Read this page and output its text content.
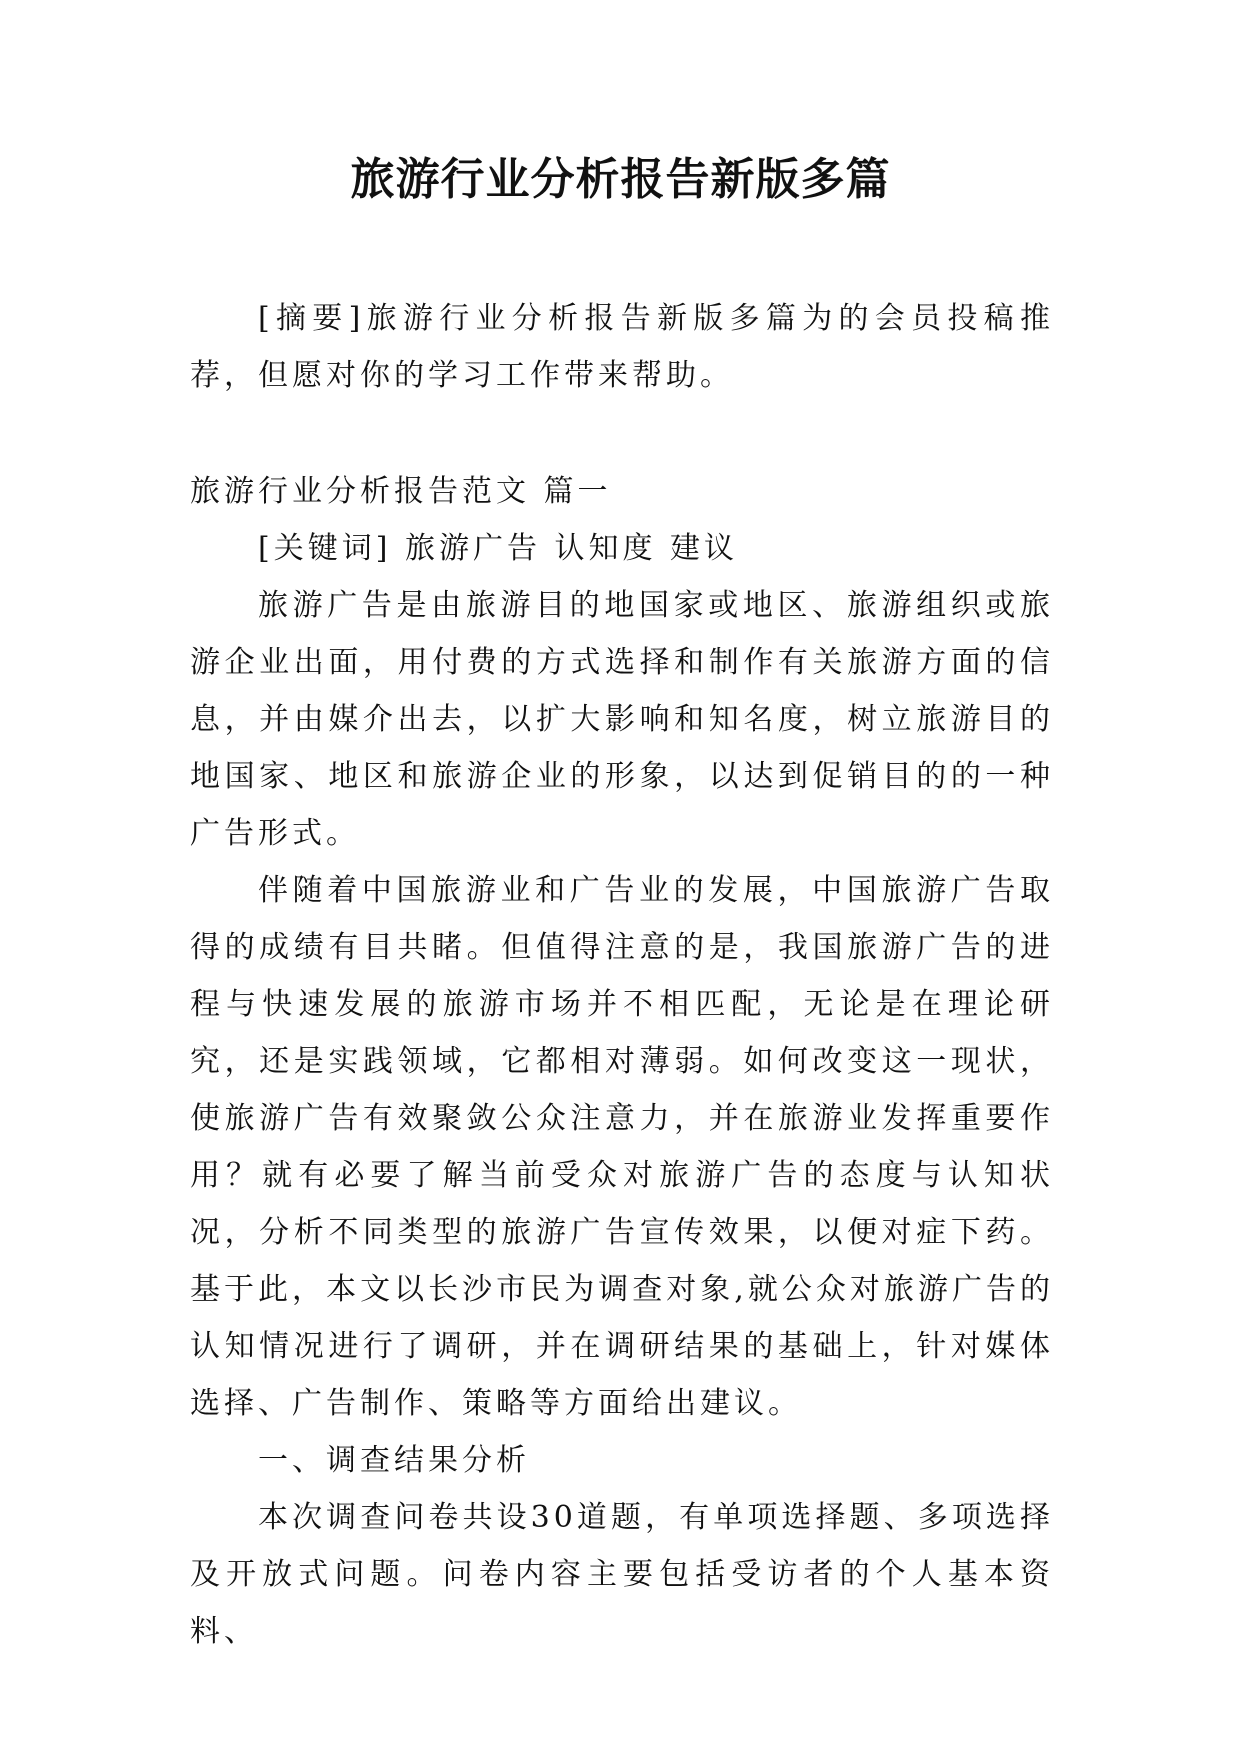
旅游行业分析报告新版多篇

[摘要]旅游行业分析报告新版多篇为的会员投稿推荐，但愿对你的学习工作带来帮助。

旅游行业分析报告范文 篇一

[关键词] 旅游广告 认知度 建议

旅游广告是由旅游目的地国家或地区、旅游组织或旅游企业出面，用付费的方式选择和制作有关旅游方面的信息，并由媒介出去，以扩大影响和知名度，树立旅游目的地国家、地区和旅游企业的形象，以达到促销目的的一种广告形式。

伴随着中国旅游业和广告业的发展，中国旅游广告取得的成绩有目共睹。但值得注意的是，我国旅游广告的进程与快速发展的旅游市场并不相匹配，无论是在理论研究，还是实践领域，它都相对薄弱。如何改变这一现状，使旅游广告有效聚敛公众注意力，并在旅游业发挥重要作用？就有必要了解当前受众对旅游广告的态度与认知状况，分析不同类型的旅游广告宣传效果，以便对症下药。基于此，本文以长沙市民为调查对象,就公众对旅游广告的认知情况进行了调研，并在调研结果的基础上，针对媒体选择、广告制作、策略等方面给出建议。

一、调查结果分析

本次调查问卷共设30道题，有单项选择题、多项选择及开放式问题。问卷内容主要包括受访者的个人基本资料、
